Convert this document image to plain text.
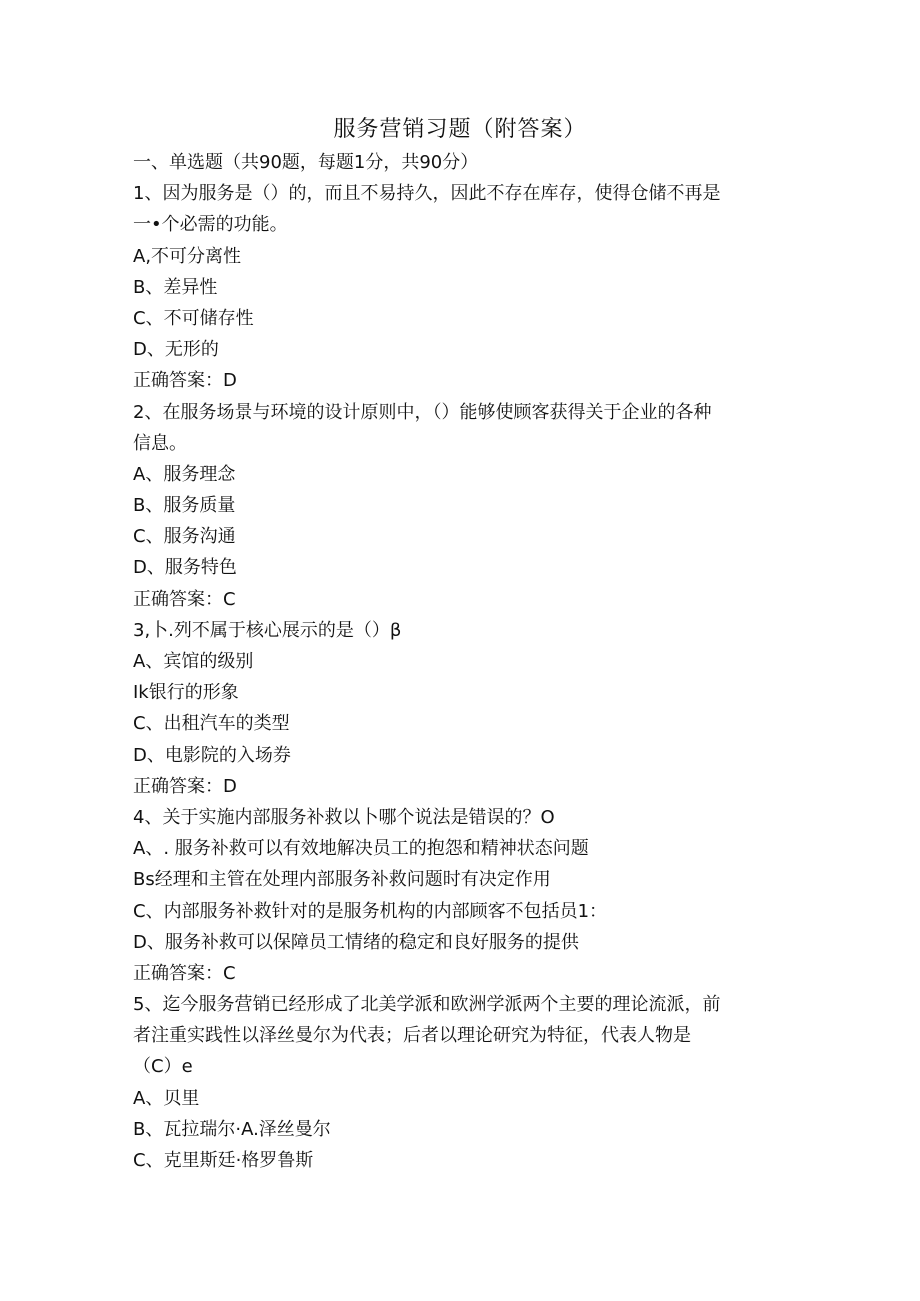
服务营销习题（附答案）
一、单选题（共90题，每题1分，共90分）
1、因为服务是（）的，而且不易持久，因此不存在库存，使得仓储不再是
一•个必需的功能。
A,不可分离性
B、差异性
C、不可储存性
D、无形的
正确答案：D
2、在服务场景与环境的设计原则中，（）能够使顾客获得关于企业的各种
信息。
A、服务理念
B、服务质量
C、服务沟通
D、服务特色
正确答案：C
3,卜.列不属于核心展示的是（）β
A、宾馆的级别
Ik银行的形象
C、出租汽车的类型
D、电影院的入场券
正确答案：D
4、关于实施内部服务补救以卜哪个说法是错误的？O
A、. 服务补救可以有效地解决员工的抱怨和精神状态问题
Bs经理和主管在处理内部服务补救问题时有决定作用
C、内部服务补救针对的是服务机构的内部顾客不包括员1：
D、服务补救可以保障员工情绪的稳定和良好服务的提供
正确答案：C
5、迄今服务营销已经形成了北美学派和欧洲学派两个主要的理论流派，前
者注重实践性以泽丝曼尔为代表；后者以理论研究为特征，代表人物是
（C）e
A、贝里
B、瓦拉瑞尔·A.泽丝曼尔
C、克里斯廷·格罗鲁斯
